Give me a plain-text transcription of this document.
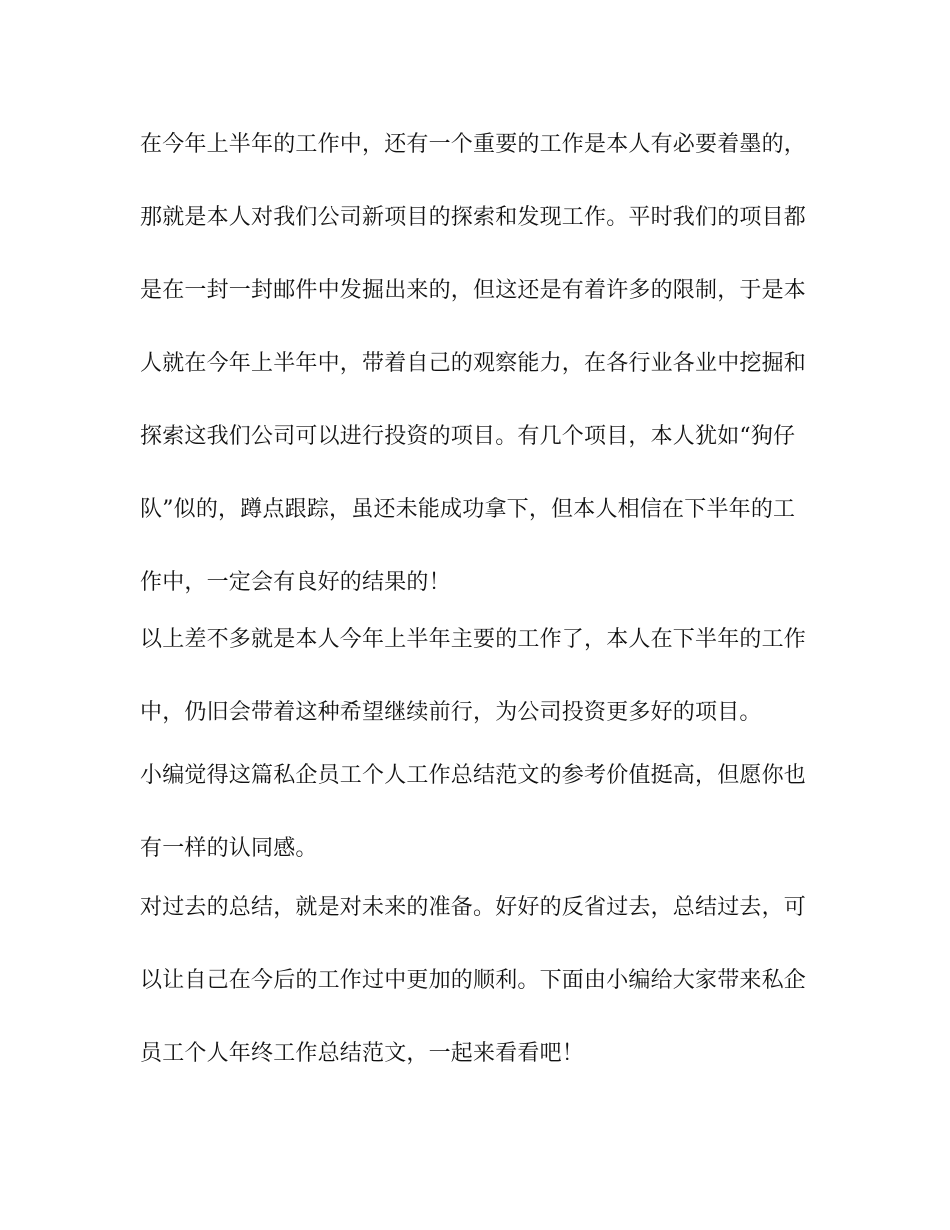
在今年上半年的工作中，还有一个重要的工作是本人有必要着墨的，
那就是本人对我们公司新项目的探索和发现工作。平时我们的项目都
是在一封一封邮件中发掘出来的，但这还是有着许多的限制，于是本
人就在今年上半年中，带着自己的观察能力，在各行业各业中挖掘和
探索这我们公司可以进行投资的项目。有几个项目，本人犹如“狗仔
队”似的，蹲点跟踪，虽还未能成功拿下，但本人相信在下半年的工
作中，一定会有良好的结果的！
以上差不多就是本人今年上半年主要的工作了，本人在下半年的工作
中，仍旧会带着这种希望继续前行，为公司投资更多好的项目。
小编觉得这篇私企员工个人工作总结范文的参考价值挺高，但愿你也
有一样的认同感。
对过去的总结，就是对未来的准备。好好的反省过去，总结过去，可
以让自己在今后的工作过中更加的顺利。下面由小编给大家带来私企
员工个人年终工作总结范文，一起来看看吧！
